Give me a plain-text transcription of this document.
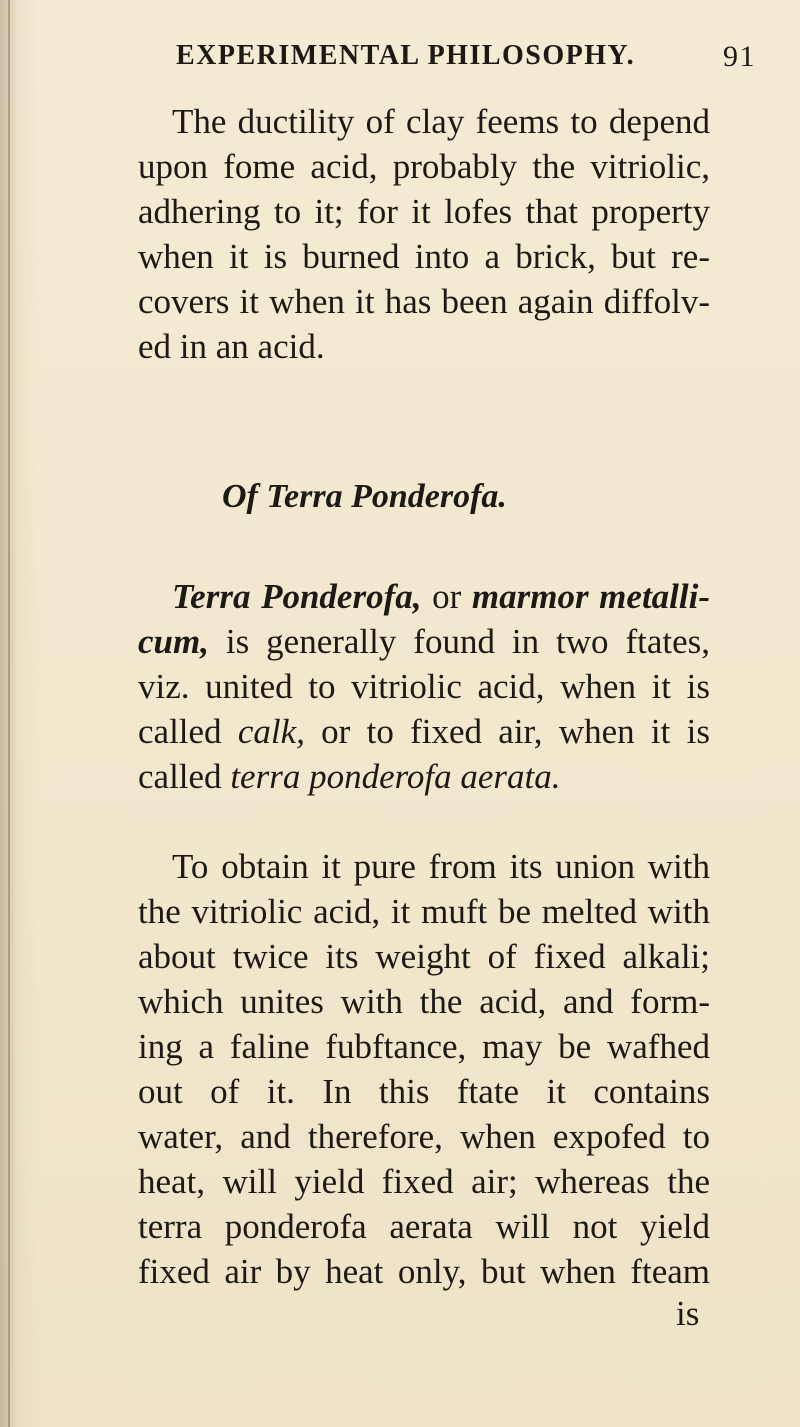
EXPERIMENTAL PHILOSOPHY.	91
The ductility of clay feems to depend
upon fome acid, probably the vitriolic,
adhering to it; for it lofes that property
when it is burned into a brick, but re-
covers it when it has been again diffolv-
ed in an acid.
Of Terra Ponderofa.
Terra Ponderofa, or marmor metalli-
cum, is generally found in two ftates,
viz. united to vitriolic acid, when it is
called calk, or to fixed air, when it is
called terra ponderofa aerata.
To obtain it pure from its union with
the vitriolic acid, it muft be melted with
about twice its weight of fixed alkali;
which unites with the acid, and form-
ing a faline fubftance, may be wafhed
out of it. In this ftate it contains
water, and therefore, when expofed to
heat, will yield fixed air; whereas the
terra ponderofa aerata will not yield
fixed air by heat only, but when fteam
is
